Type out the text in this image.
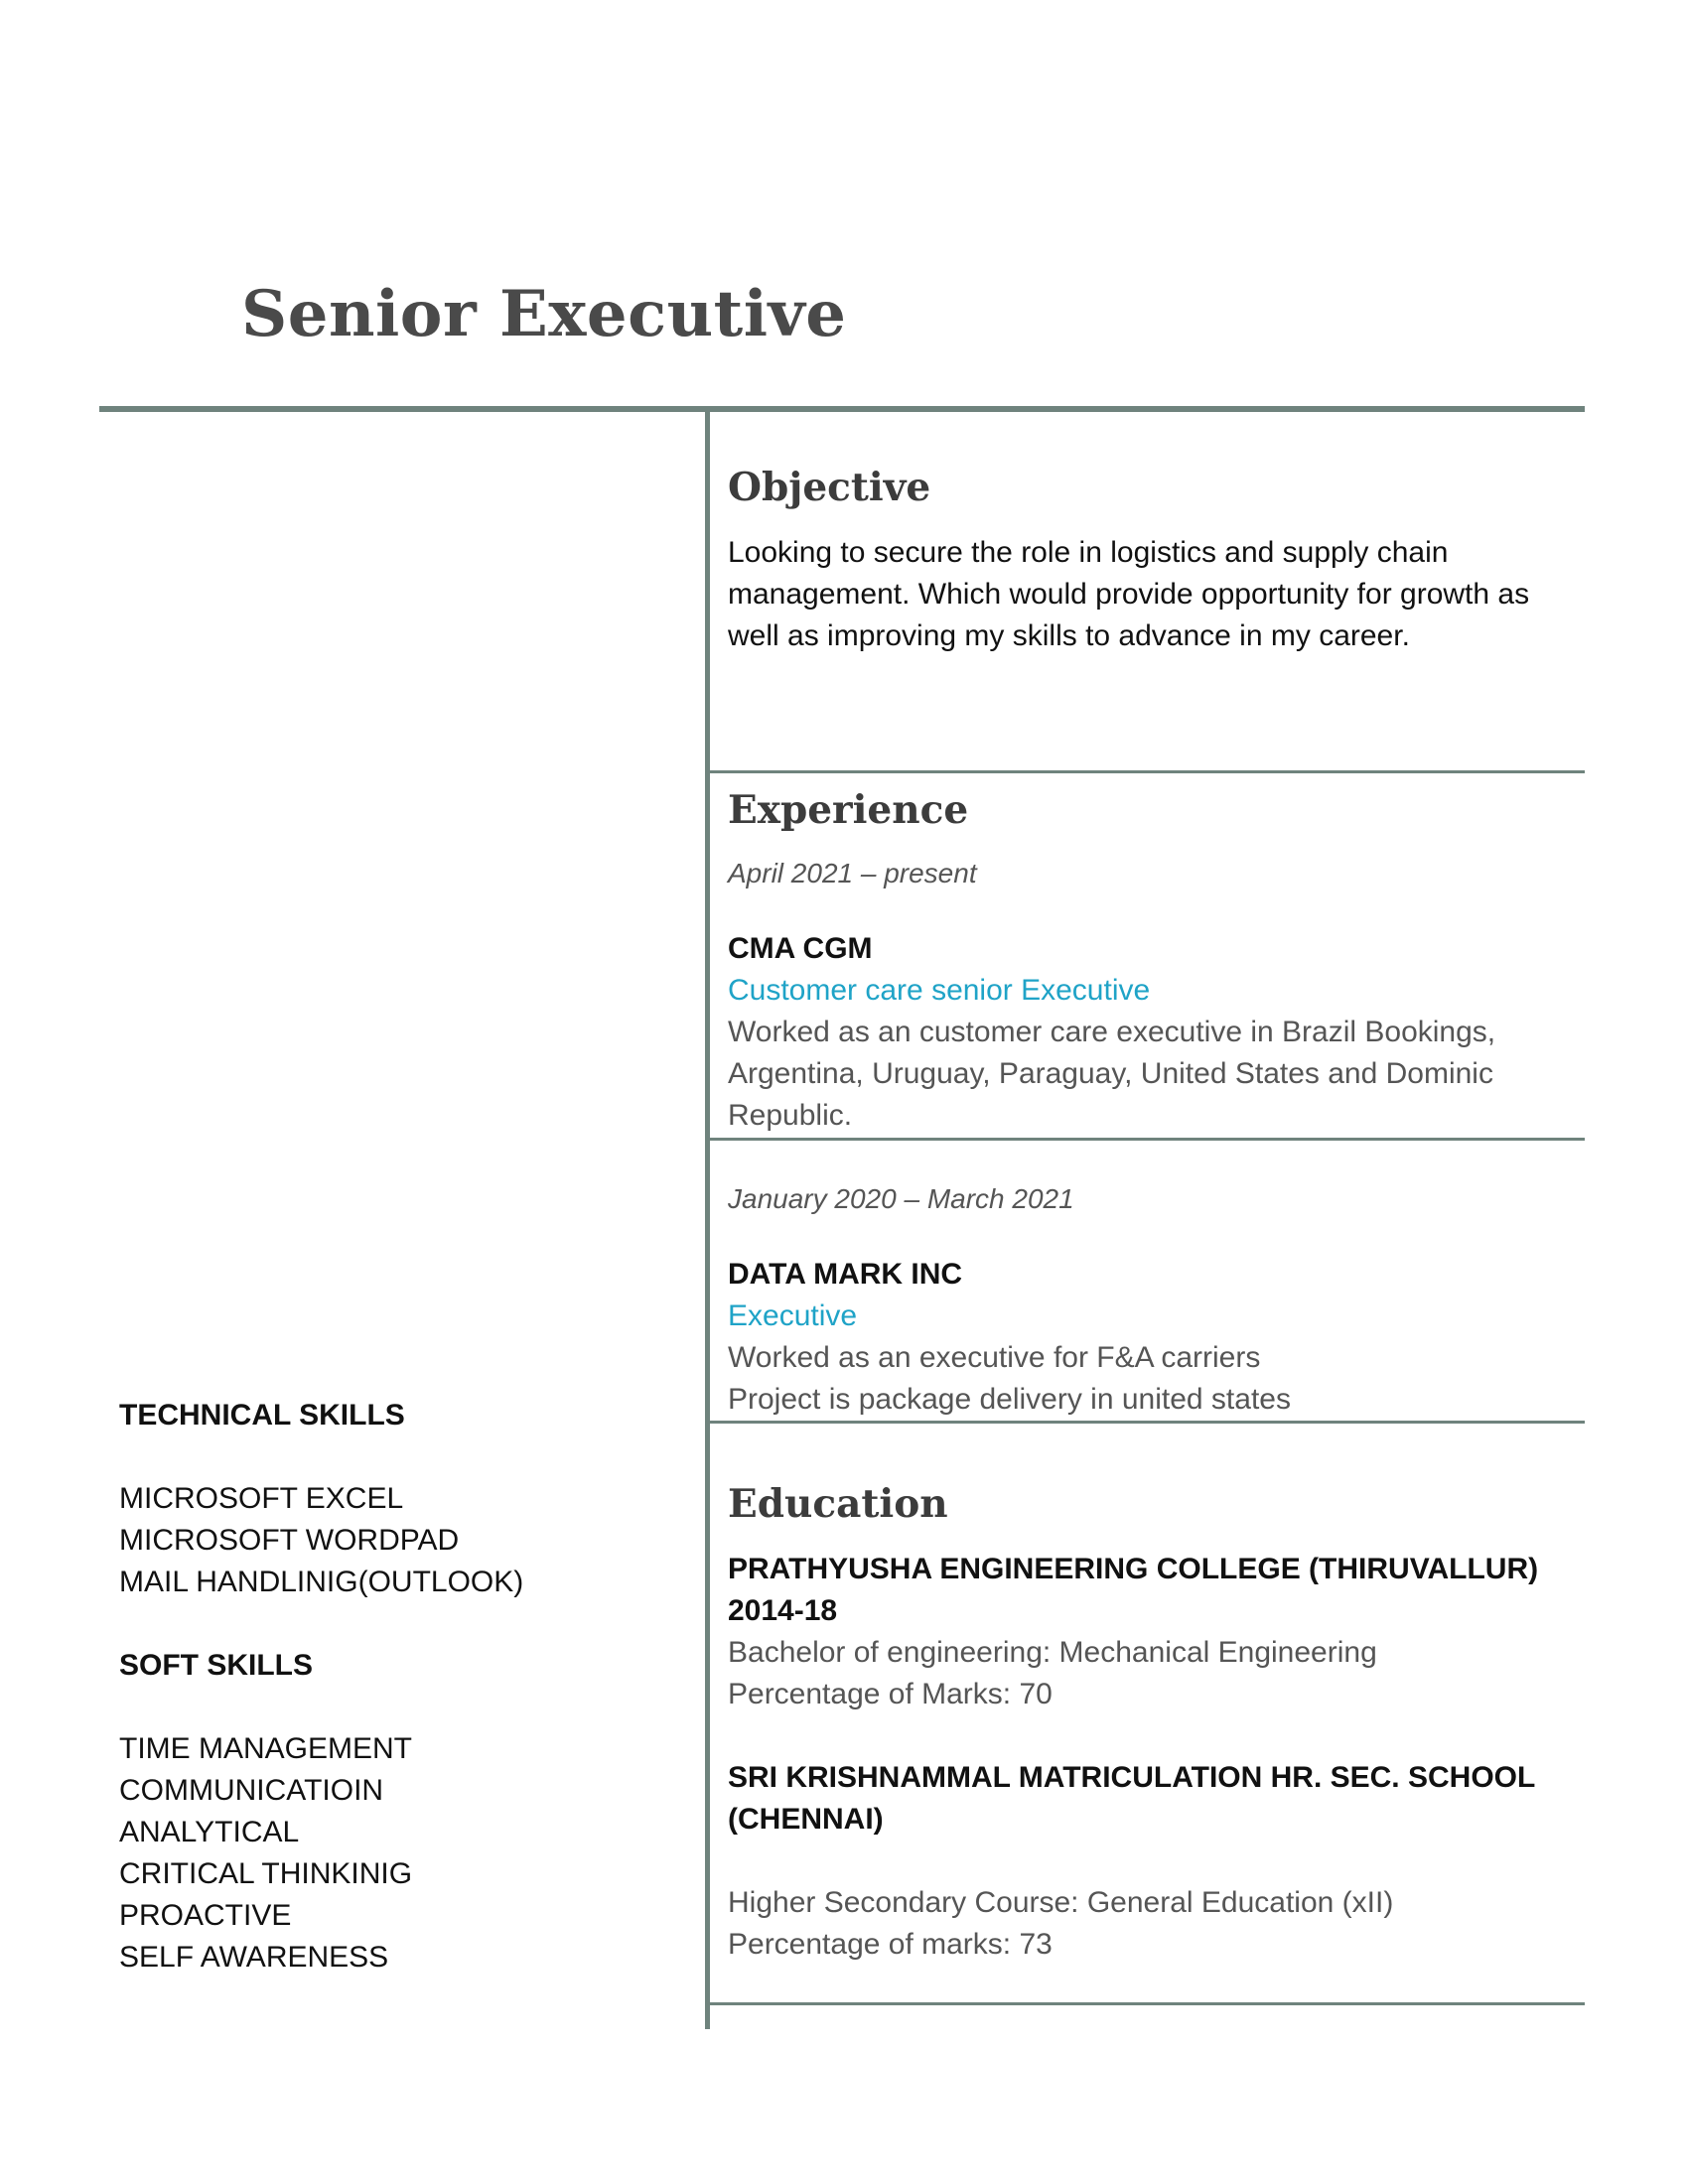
Senior Executive
Objective
Looking to secure the role in logistics and supply chain
management. Which would provide opportunity for growth as
well as improving my skills to advance in my career.
Experience

April 2021 – present

CMA CGM

Customer care senior Executive

Worked as an customer care executive in Brazil Bookings,
Argentina, Uruguay, Paraguay, United States and Dominic
Republic.

January 2020 – March 2021

DATA MARK INC

Executive

Worked as an executive for F&A carriers
Project is package delivery in united states
Education
PRATHYUSHA ENGINEERING COLLEGE (THIRUVALLUR)
2014-18
Bachelor of engineering: Mechanical Engineering
Percentage of Marks: 70
SRI KRISHNAMMAL MATRICULATION HR. SEC. SCHOOL
(CHENNAI)
Higher Secondary Course: General Education (xII)
Percentage of marks: 73
TECHNICAL SKILLS
MICROSOFT EXCEL
MICROSOFT WORDPAD
MAIL HANDLINIG(OUTLOOK)
SOFT SKILLS
TIME MANAGEMENT
COMMUNICATIOIN
ANALYTICAL
CRITICAL THINKINIG
PROACTIVE
SELF AWARENESS
